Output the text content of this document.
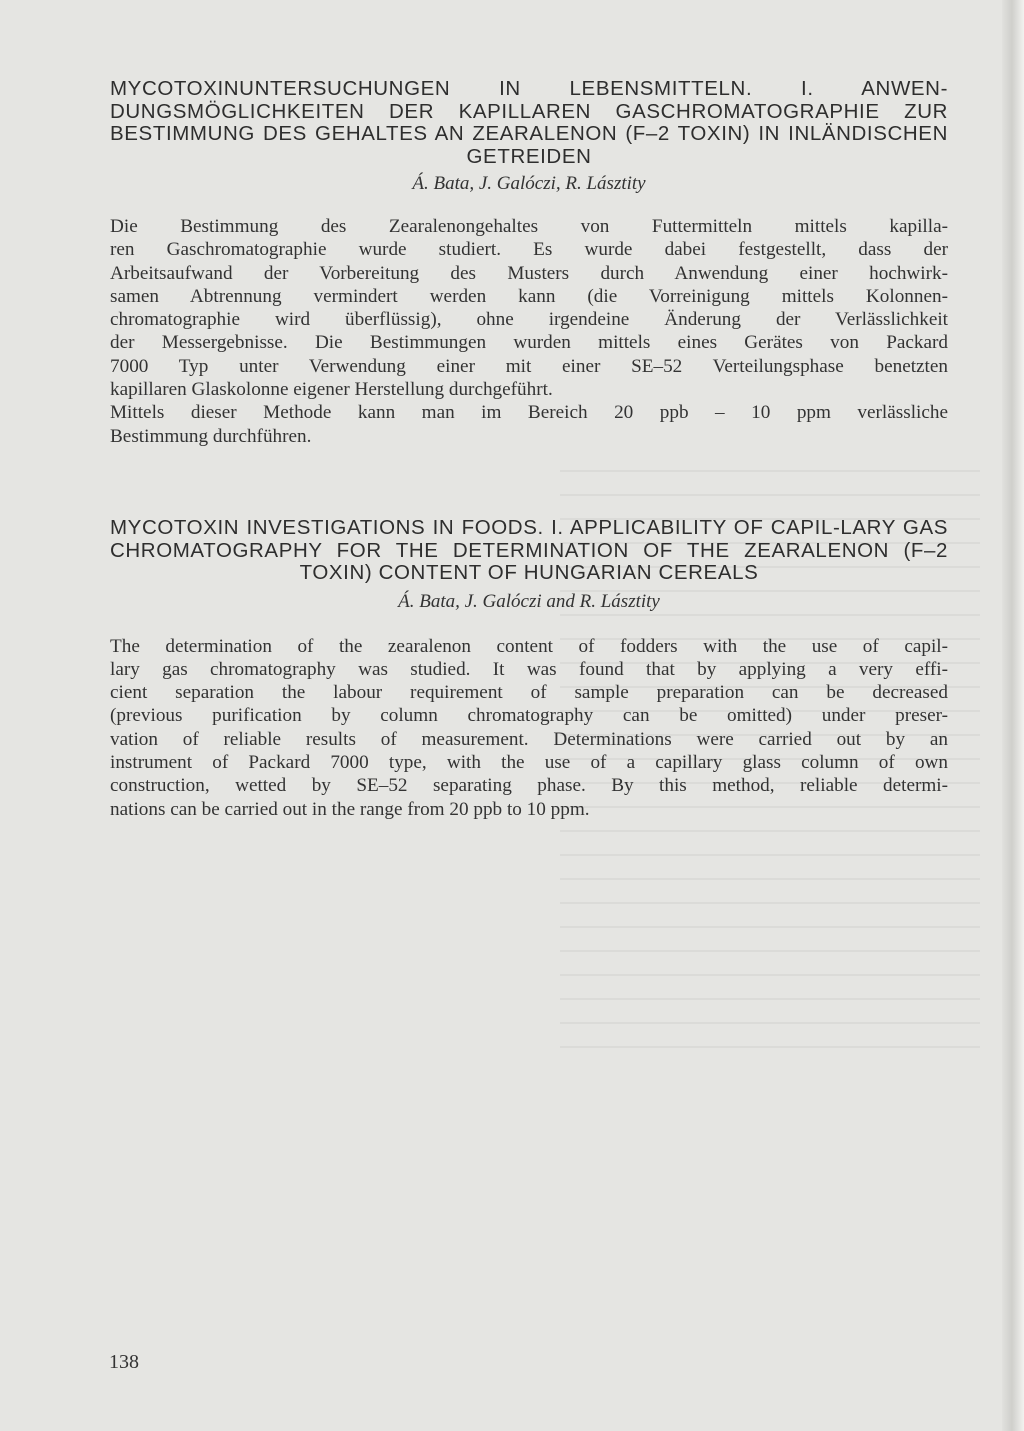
MYCOTOXINUNTERSUCHUNGEN IN LEBENSMITTELN. I. ANWEN-DUNGSMÖGLICHKEITEN DER KAPILLAREN GASCHROMATOGRAPHIE ZUR BESTIMMUNG DES GEHALTES AN ZEARALENON (F–2 TOXIN) IN INLÄNDISCHEN GETREIDEN

Á. Bata, J. Galóczi, R. Lásztity

Die Bestimmung des Zearalenongehaltes von Futtermitteln mittels kapilla-
ren Gaschromatographie wurde studiert. Es wurde dabei festgestellt, dass der
Arbeitsaufwand der Vorbereitung des Musters durch Anwendung einer hochwirk-
samen Abtrennung vermindert werden kann (die Vorreinigung mittels Kolonnen-
chromatographie wird überflüssig), ohne irgendeine Änderung der Verlässlichkeit
der Messergebnisse. Die Bestimmungen wurden mittels eines Gerätes von Packard
7000 Typ unter Verwendung einer mit einer SE–52 Verteilungsphase benetzten
kapillaren Glaskolonne eigener Herstellung durchgeführt.
Mittels dieser Methode kann man im Bereich 20 ppb – 10 ppm verlässliche
Bestimmung durchführen.

MYCOTOXIN INVESTIGATIONS IN FOODS. I. APPLICABILITY OF CAPIL-LARY GAS CHROMATOGRAPHY FOR THE DETERMINATION OF THE ZEARALENON (F–2 TOXIN) CONTENT OF HUNGARIAN CEREALS

Á. Bata, J. Galóczi and R. Lásztity

The determination of the zearalenon content of fodders with the use of capil-
lary gas chromatography was studied. It was found that by applying a very effi-
cient separation the labour requirement of sample preparation can be decreased
(previous purification by column chromatography can be omitted) under preser-
vation of reliable results of measurement. Determinations were carried out by an
instrument of Packard 7000 type, with the use of a capillary glass column of own
construction, wetted by SE–52 separating phase. By this method, reliable determi-
nations can be carried out in the range from 20 ppb to 10 ppm.

138
